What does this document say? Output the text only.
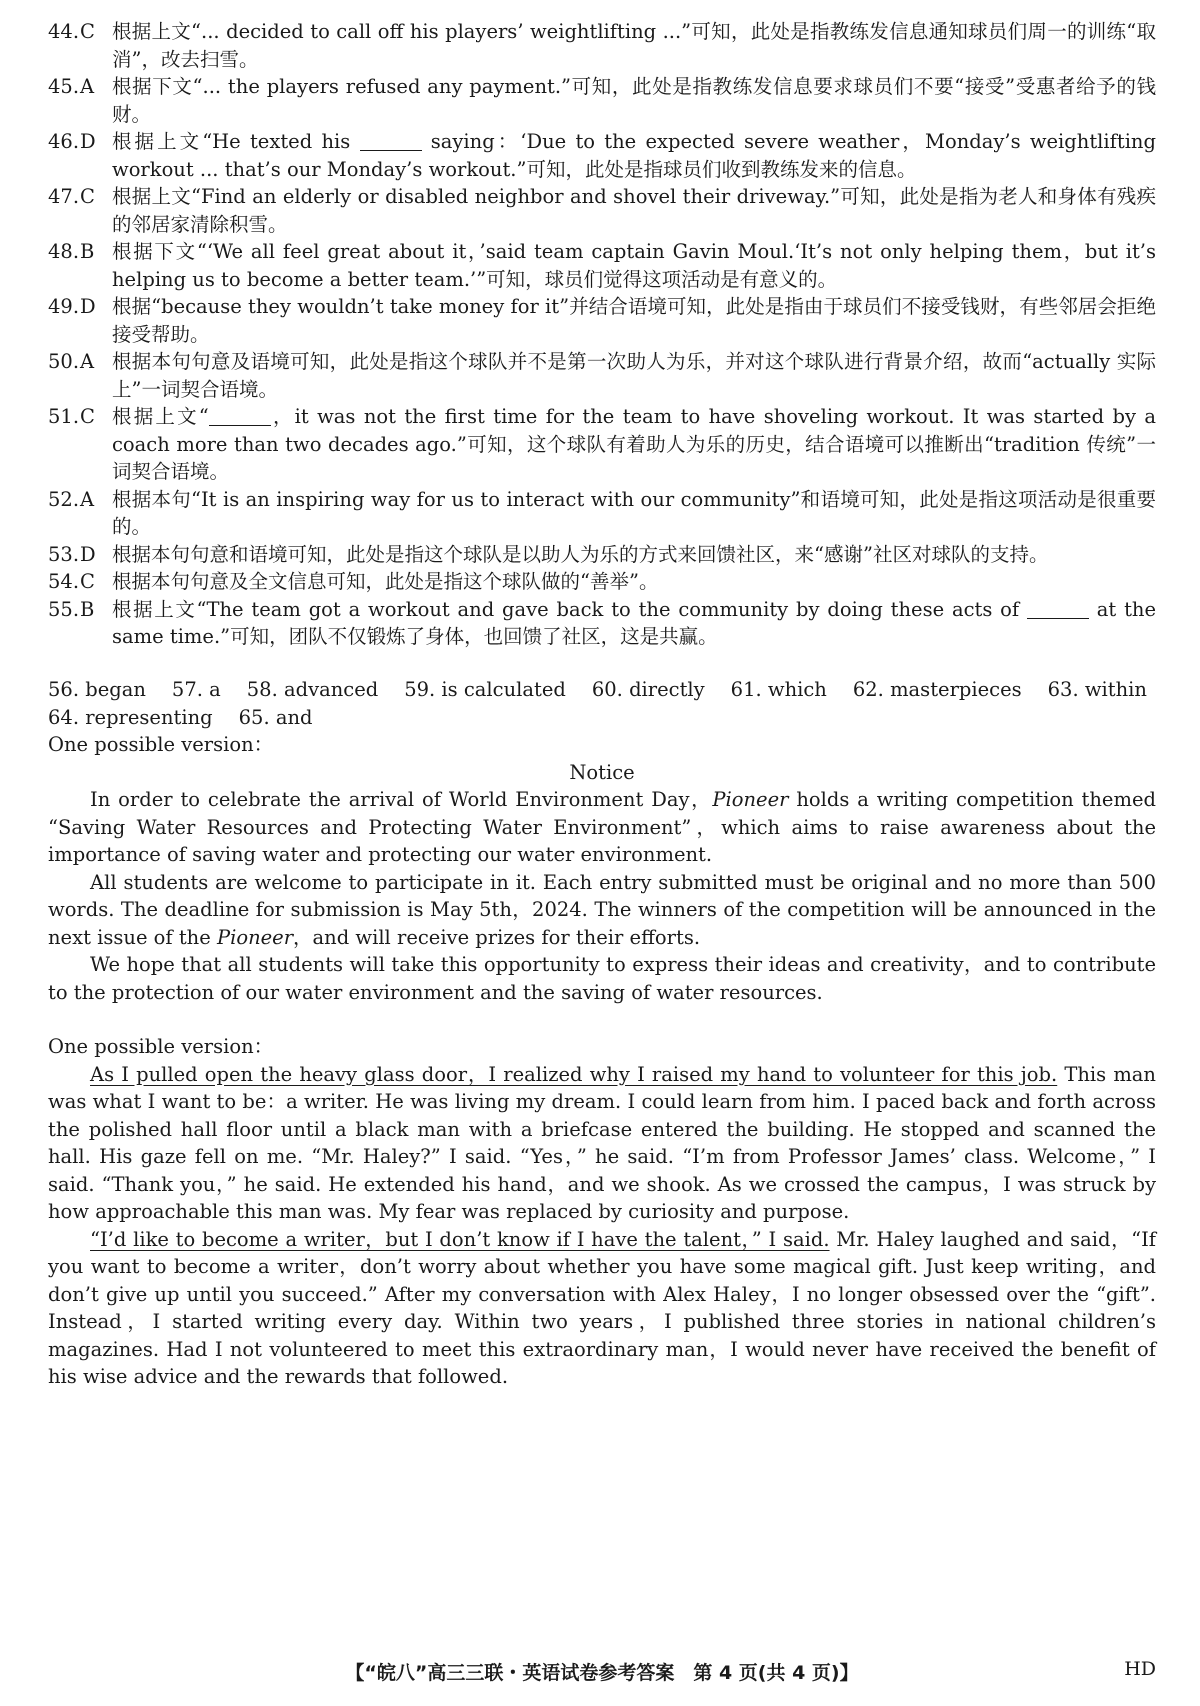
44. C 根据上文“... decided to call off his players’ weightlifting ...”可知，此处是指教练发信息通知球员们周一的训练“取消”，改去扫雪。
45. A 根据下文“... the players refused any payment.”可知，此处是指教练发信息要求球员们不要“接受”受惠者给予的钱财。
46. D 根据上文“He texted his	saying：‘Due to the expected severe weather，Monday’s weightlifting workout ... that’s our Monday’s workout.”可知，此处是指球员们收到教练发来的信息。
47. C 根据上文“Find an elderly or disabled neighbor and shovel their driveway.”可知，此处是指为老人和身体有残疾的邻居家清除积雪。
48. B 根据下文“‘We all feel great about it，’said team captain Gavin Moul.‘It’s not only helping them，but it’s helping us to become a better team.’”可知，球员们觉得这项活动是有意义的。
49. D 根据“because they wouldn’t take money for it”并结合语境可知，此处是指由于球员们不接受钱财，有些邻居会拒绝接受帮助。
50. A 根据本句句意及语境可知，此处是指这个球队并不是第一次助人为乐，并对这个球队进行背景介绍，故而“actually 实际上”一词契合语境。
51. C 根据上文“	，it was not the first time for the team to have shoveling workout. It was started by a coach more than two decades ago.”可知，这个球队有着助人为乐的历史，结合语境可以推断出“tradition 传统”一词契合语境。
52. A 根据本句“It is an inspiring way for us to interact with our community”和语境可知，此处是指这项活动是很重要的。
53. D 根据本句句意和语境可知，此处是指这个球队是以助人为乐的方式来回馈社区，来“感谢”社区对球队的支持。
54. C 根据本句句意及全文信息可知，此处是指这个球队做的“善举”。
55. B 根据上文“The team got a workout and gave back to the community by doing these acts of	at the same time.”可知，团队不仅锻炼了身体，也回馈了社区，这是共赢。
56. began 57. a 58. advanced 59. is calculated 60. directly 61. which 62. masterpieces 63. within
64. representing 65. and

One possible version：

Notice

In order to celebrate the arrival of World Environment Day，Pioneer holds a writing competition themed “Saving Water Resources and Protecting Water Environment”，which aims to raise awareness about the importance of saving water and protecting our water environment.

All students are welcome to participate in it. Each entry submitted must be original and no more than 500 words. The deadline for submission is May 5th，2024. The winners of the competition will be announced in the next issue of the Pioneer，and will receive prizes for their efforts.

We hope that all students will take this opportunity to express their ideas and creativity，and to contribute to the protection of our water environment and the saving of water resources.

One possible version：

As I pulled open the heavy glass door，I realized why I raised my hand to volunteer for this job. This man was what I want to be：a writer. He was living my dream. I could learn from him. I paced back and forth across the polished hall floor until a black man with a briefcase entered the building. He stopped and scanned the hall. His gaze fell on me. “Mr. Haley?” I said. “Yes，” he said. “I’m from Professor James’ class. Welcome，” I said. “Thank you，” he said. He extended his hand，and we shook. As we crossed the campus，I was struck by how approachable this man was. My fear was replaced by curiosity and purpose.

“I’d like to become a writer，but I don’t know if I have the talent，” I said. Mr. Haley laughed and said，“If you want to become a writer，don’t worry about whether you have some magical gift. Just keep writing，and don’t give up until you succeed.” After my conversation with Alex Haley，I no longer obsessed over the “gift”. Instead，I started writing every day. Within two years，I published three stories in national children’s magazines. Had I not volunteered to meet this extraordinary man，I would never have received the benefit of his wise advice and the rewards that followed.

【“皖八”高三三联・英语试卷参考答案　第 4 页(共 4 页)】	HD
